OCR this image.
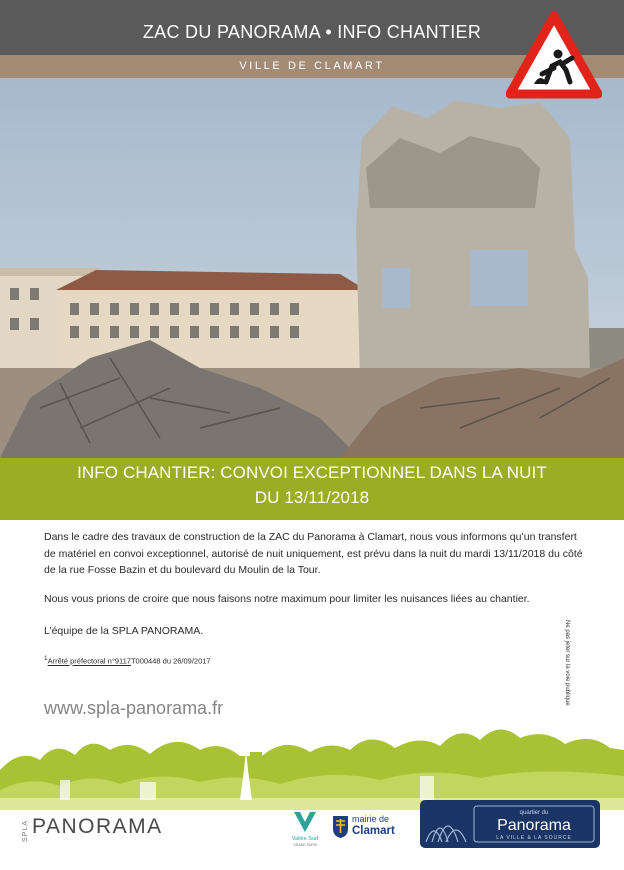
ZAC DU PANORAMA • INFO CHANTIER
VILLE DE CLAMART
INFO CHANTIER: CONVOI EXCEPTIONNEL DANS LA NUIT
DU 13/11/2018
Dans le cadre des travaux de construction de la ZAC du Panorama à Clamart, nous vous informons qu’un transfert de matériel en convoi exceptionnel, autorisé de nuit uniquement, est prévu dans la nuit du mardi 13/11/2018 du côté de la rue Fosse Bazin et du boulevard du Moulin de la Tour.
Nous vous prions de croire que nous faisons notre maximum pour limiter les nuisances liées au chantier.
L’équipe de la SPLA PANORAMA.
$^1$Arrêté préfectoral n°9117T000448 du 26/09/2017	Ne pas jeter sur la voie publique
www.spla-panorama.fr
SPLA PANORAMA
Vallée Sud
GRAND PARIS
mairie de
Clamart
quartier du
Panorama
LA VILLE & LA SOURCE
